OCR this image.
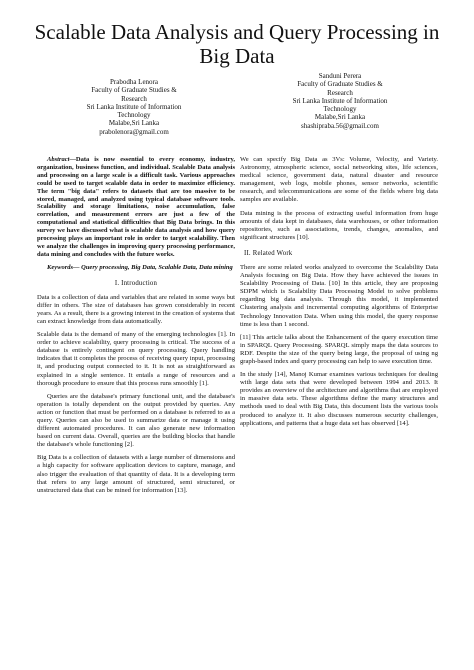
Scalable Data Analysis and Query Processing in Big Data
Prabodha Lenora
Faculty of Graduate Studies &
Research
Sri Lanka Institute of Information
Technology
Malabe,Sri Lanka
prabolenora@gmail.com
Sanduni Perera
Faculty of Graduate Studies &
Research
Sri Lanka Institute of Information
Technology
Malabe,Sri Lanka
shashipraba.56@gmail.com

Abstract—Data is now essential to every economy, industry, organization, business function, and individual. Scalable Data analysis and processing on a large scale is a difficult task. Various approaches could be used to target scalable data in order to maximize efficiency. The term "big data" refers to datasets that are too massive to be stored, managed, and analyzed using typical database software tools. Scalability and storage limitations, noise accumulation, false correlation, and measurement errors are just a few of the computational and statistical difficulties that Big Data brings. In this survey we have discussed what is scalable data analysis and how query processing plays an important role in order to target scalability. Then we analyze the challenges in improving query processing performance, data mining and concludes with the future works.

Keywords— Query processing, Big Data, Scalable Data, Data mining

I. Introduction

Data is a collection of data and variables that are related in some ways but differ in others. The size of databases has grown considerably in recent years. As a result, there is a growing interest in the creation of systems that can extract knowledge from data automatically.

Scalable data is the demand of many of the emerging technologies [1]. In order to achieve scalability, query processing is critical. The success of a database is entirely contingent on query processing. Query handling indicates that it completes the process of receiving query input, processing it, and producing output connected to it. It is not as straightforward as explained in a single sentence. It entails a range of resources and a thorough procedure to ensure that this process runs smoothly [1].

Queries are the database's primary functional unit, and the database's operation is totally dependent on the output provided by queries. Any action or function that must be performed on a database is referred to as a query. Queries can also be used to summarize data or manage it using different automated procedures. It can also generate new information based on current data. Overall, queries are the building blocks that handle the database's whole functioning [2].

Big Data is a collection of datasets with a large number of dimensions and a high capacity for software application devices to capture, manage, and also trigger the evaluation of that quantity of data. It is a developing term that refers to any large amount of structured, semi structured, or unstructured data that can be mined for information [13].

We can specify Big Data as 3Vs: Volume, Velocity, and Variety. Astronomy, atmospheric science, social networking sites, life sciences, medical science, government data, natural disaster and resource management, web logs, mobile phones, sensor networks, scientific research, and telecommunications are some of the fields where big data samples are available.

Data mining is the process of extracting useful information from huge amounts of data kept in databases, data warehouses, or other information repositories, such as associations, trends, changes, anomalies, and significant structures [10].

II. Related Work

There are some related works analyzed to overcome the Scalability Data Analysis focusing on Big Data. How they have achieved the issues in Scalability Processing of Data. [10] In this article, they are proposing SDPM which is Scalability Data Processing Model to solve problems regarding big data analysis. Through this model, it implemented Clustering analysis and incremental computing algorithms of Enterprise Technology Innovation Data. When using this model, the query response time is less than 1 second.

[11] This article talks about the Enhancement of the query execution time in SPARQL Query Processing. SPARQL simply maps the data sources to RDF. Despite the size of the query being large, the proposal of using ng graph-based index and query processing can help to save execution time.

In the study [14], Manoj Kumar examines various techniques for dealing with large data sets that were developed between 1994 and 2013. It provides an overview of the architecture and algorithms that are employed in massive data sets. These algorithms define the many structures and methods used to deal with Big Data, this document lists the various tools produced to analyze it. It also discusses numerous security challenges, applications, and patterns that a huge data set has observed [14].
